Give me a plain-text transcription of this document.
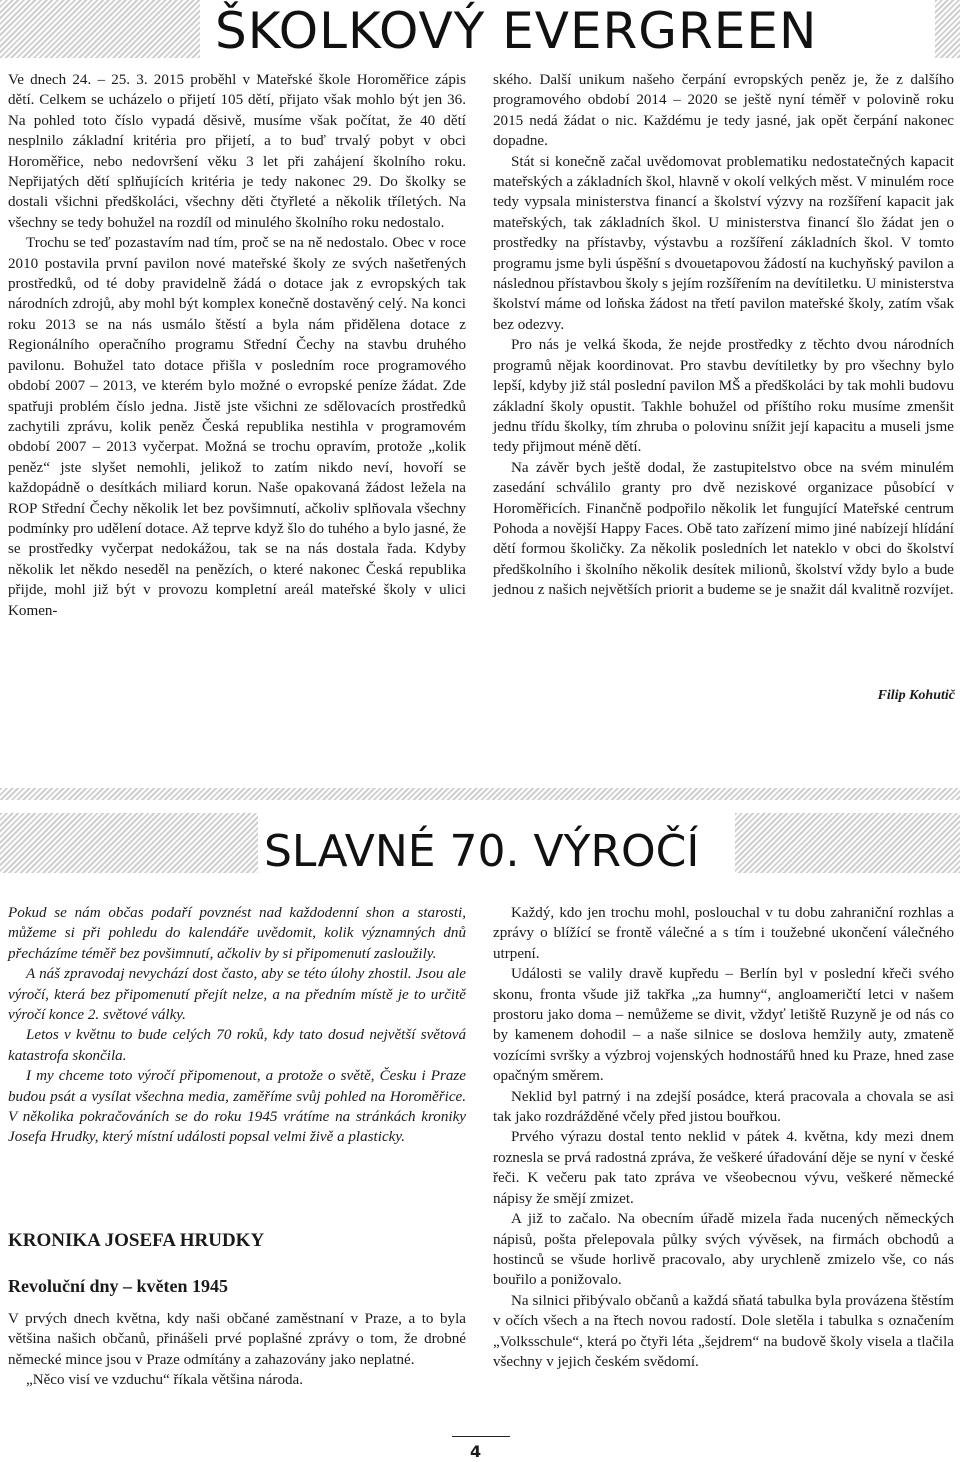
ŠKOLKOVÝ EVERGREEN

Ve dnech 24. – 25. 3. 2015 proběhl v Mateřské škole Horoměřice zápis dětí. Celkem se ucházelo o přijetí 105 dětí, přijato však mohlo být jen 36. Na pohled toto číslo vypadá děsivě, musíme však počítat, že 40 dětí nesplnilo základní kritéria pro přijetí, a to buď trvalý pobyt v obci Horoměřice, nebo nedovršení věku 3 let při zahájení školního roku. Nepřijatých dětí splňujících kritéria je tedy nakonec 29. Do školky se dostali všichni předškoláci, všechny děti čtyřleté a několik tříletých. Na všechny se tedy bohužel na rozdíl od minulého školního roku nedostalo.

Trochu se teď pozastavím nad tím, proč se na ně nedostalo. Obec v roce 2010 postavila první pavilon nové mateřské školy ze svých našetřených prostředků, od té doby pravidelně žádá o dotace jak z evropských tak národních zdrojů, aby mohl být komplex konečně dostavěný celý. Na konci roku 2013 se na nás usmálo štěstí a byla nám přidělena dotace z Regionálního operačního programu Střední Čechy na stavbu druhého pavilonu. Bohužel tato dotace přišla v posledním roce programového období 2007 – 2013, ve kterém bylo možné o evropské peníze žádat. Zde spatřuji problém číslo jedna. Jistě jste všichni ze sdělovacích prostředků zachytili zprávu, kolik peněz Česká republika nestihla v programovém období 2007 – 2013 vyčerpat. Možná se trochu opravím, protože „kolik peněz“ jste slyšet nemohli, jelikož to zatím nikdo neví, hovoří se každopádně o desítkách miliard korun. Naše opakovaná žádost ležela na ROP Střední Čechy několik let bez povšimnutí, ačkoliv splňovala všechny podmínky pro udělení dotace. Až teprve když šlo do tuhého a bylo jasné, že se prostředky vyčerpat nedokážou, tak se na nás dostala řada. Kdyby několik let někdo neseděl na penězích, o které nakonec Česká republika přijde, mohl již být v provozu kompletní areál mateřské školy v ulici Komen-

ského. Další unikum našeho čerpání evropských peněz je, že z dalšího programového období 2014 – 2020 se ještě nyní téměř v polovině roku 2015 nedá žádat o nic. Každému je tedy jasné, jak opět čerpání nakonec dopadne.

Stát si konečně začal uvědomovat problematiku nedostatečných kapacit mateřských a základních škol, hlavně v okolí velkých měst. V minulém roce tedy vypsala ministerstva financí a školství výzvy na rozšíření kapacit jak mateřských, tak základních škol. U ministerstva financí šlo žádat jen o prostředky na přístavby, výstavbu a rozšíření základních škol. V tomto programu jsme byli úspěšní s dvouetapovou žádostí na kuchyňský pavilon a následnou přístavbou školy s jejím rozšířením na devítiletku. U ministerstva školství máme od loňska žádost na třetí pavilon mateřské školy, zatím však bez odezvy.

Pro nás je velká škoda, že nejde prostředky z těchto dvou národních programů nějak koordinovat. Pro stavbu devítiletky by pro všechny bylo lepší, kdyby již stál poslední pavilon MŠ a předškoláci by tak mohli budovu základní školy opustit. Takhle bohužel od příštího roku musíme zmenšit jednu třídu školky, tím zhruba o polovinu snížit její kapacitu a museli jsme tedy přijmout méně dětí.

Na závěr bych ještě dodal, že zastupitelstvo obce na svém minulém zasedání schválilo granty pro dvě neziskové organizace působící v Horoměřicích. Finančně podpořilo několik let fungující Mateřské centrum Pohoda a novější Happy Faces. Obě tato zařízení mimo jiné nabízejí hlídání dětí formou školičky. Za několik posledních let nateklo v obci do školství předškolního i školního několik desítek milionů, školství vždy bylo a bude jednou z našich největších priorit a budeme se je snažit dál kvalitně rozvíjet.

Filip Kohutič
SLAVNÉ 70. VÝROČÍ

Pokud se nám občas podaří povznést nad každodenní shon a starosti, můžeme si při pohledu do kalendáře uvědomit, kolik významných dnů přecházíme téměř bez povšimnutí, ačkoliv by si připomenutí zasloužily.

A náš zpravodaj nevychází dost často, aby se této úlohy zhostil. Jsou ale výročí, která bez připomenutí přejít nelze, a na předním místě je to určitě výročí konce 2. světové války.

Letos v květnu to bude celých 70 roků, kdy tato dosud největší světová katastrofa skončila.

I my chceme toto výročí připomenout, a protože o světě, Česku i Praze budou psát a vysílat všechna media, zaměříme svůj pohled na Horoměřice. V několika pokračováních se do roku 1945 vrátíme na stránkách kroniky Josefa Hrudky, který místní události popsal velmi živě a plasticky.

KRONIKA JOSEFA HRUDKY
Revoluční dny – květen 1945

V prvých dnech května, kdy naši občané zaměstnaní v Praze, a to byla většina našich občanů, přinášeli prvé poplašné zprávy o tom, že drobné německé mince jsou v Praze odmítány a zahazovány jako neplatné.

„Něco visí ve vzduchu“ říkala většina národa.

Každý, kdo jen trochu mohl, poslouchal v tu dobu zahraniční rozhlas a zprávy o blížící se frontě válečné a s tím i toužebné ukončení válečného utrpení.

Události se valily dravě kupředu – Berlín byl v poslední křeči svého skonu, fronta všude již takřka „za humny“, angloameričtí letci v našem prostoru jako doma – nemůžeme se divit, vždyť letiště Ruzyně je od nás co by kamenem dohodil – a naše silnice se doslova hemžily auty, zmateně vozícími svršky a výzbroj vojenských hodnostářů hned ku Praze, hned zase opačným směrem.

Neklid byl patrný i na zdejší posádce, která pracovala a chovala se asi tak jako rozdrážděné včely před jistou bouřkou.

Prvého výrazu dostal tento neklid v pátek 4. května, kdy mezi dnem roznesla se prvá radostná zpráva, že veškeré úřadování děje se nyní v české řeči. K večeru pak tato zpráva ve všeobecnou vývu, veškeré německé nápisy že smějí zmizet.

A již to začalo. Na obecním úřadě mizela řada nucených německých nápisů, pošta přelepovala půlky svých vývěsek, na firmách obchodů a hostinců se všude horlivě pracovalo, aby urychleně zmizelo vše, co nás bouřilo a ponižovalo.

Na silnici přibývalo občanů a každá sňatá tabulka byla provázena štěstím v očích všech a na řtech novou radostí. Dole sletěla i tabulka s označením „Volksschule“, která po čtyři léta „šejdrem“ na budově školy visela a tlačila všechny v jejich českém svědomí.

4
